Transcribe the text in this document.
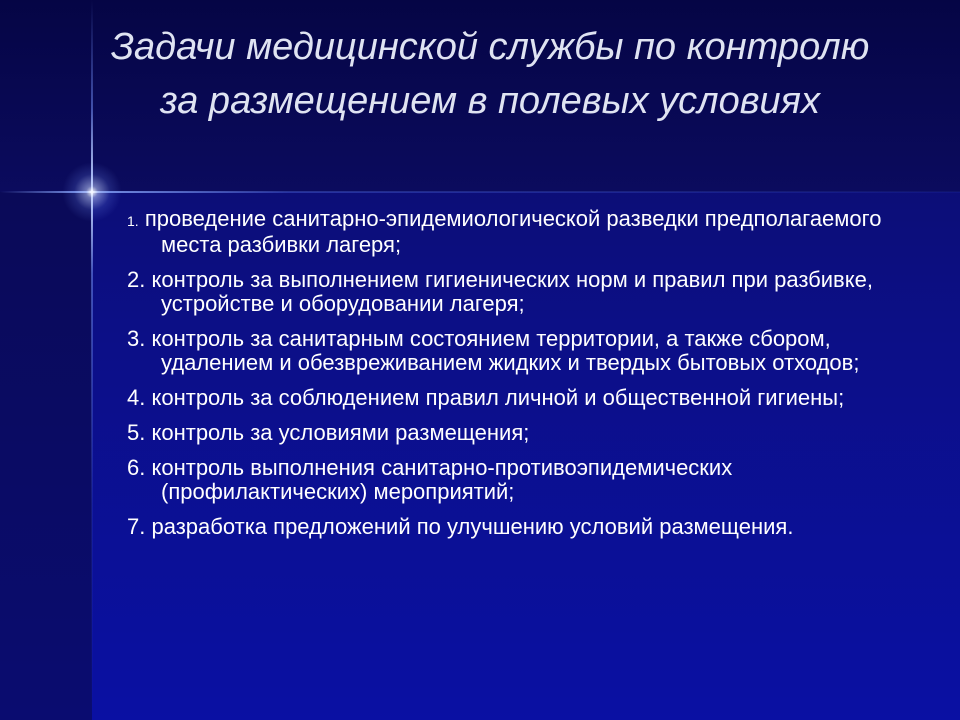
Задачи медицинской службы по контролю за размещением в полевых условиях
1. проведение санитарно-эпидемиологической разведки предполагаемого места разбивки лагеря;
2. контроль за выполнением гигиенических норм и правил при разбивке, устройстве и оборудовании лагеря;
3. контроль за санитарным состоянием территории, а также сбором, удалением и обезвреживанием жидких и твердых бытовых отходов;
4. контроль за соблюдением правил личной и общественной гигиены;
5. контроль за условиями размещения;
6. контроль выполнения санитарно-противоэпидемических (профилактических) мероприятий;
7. разработка предложений по улучшению условий размещения.
